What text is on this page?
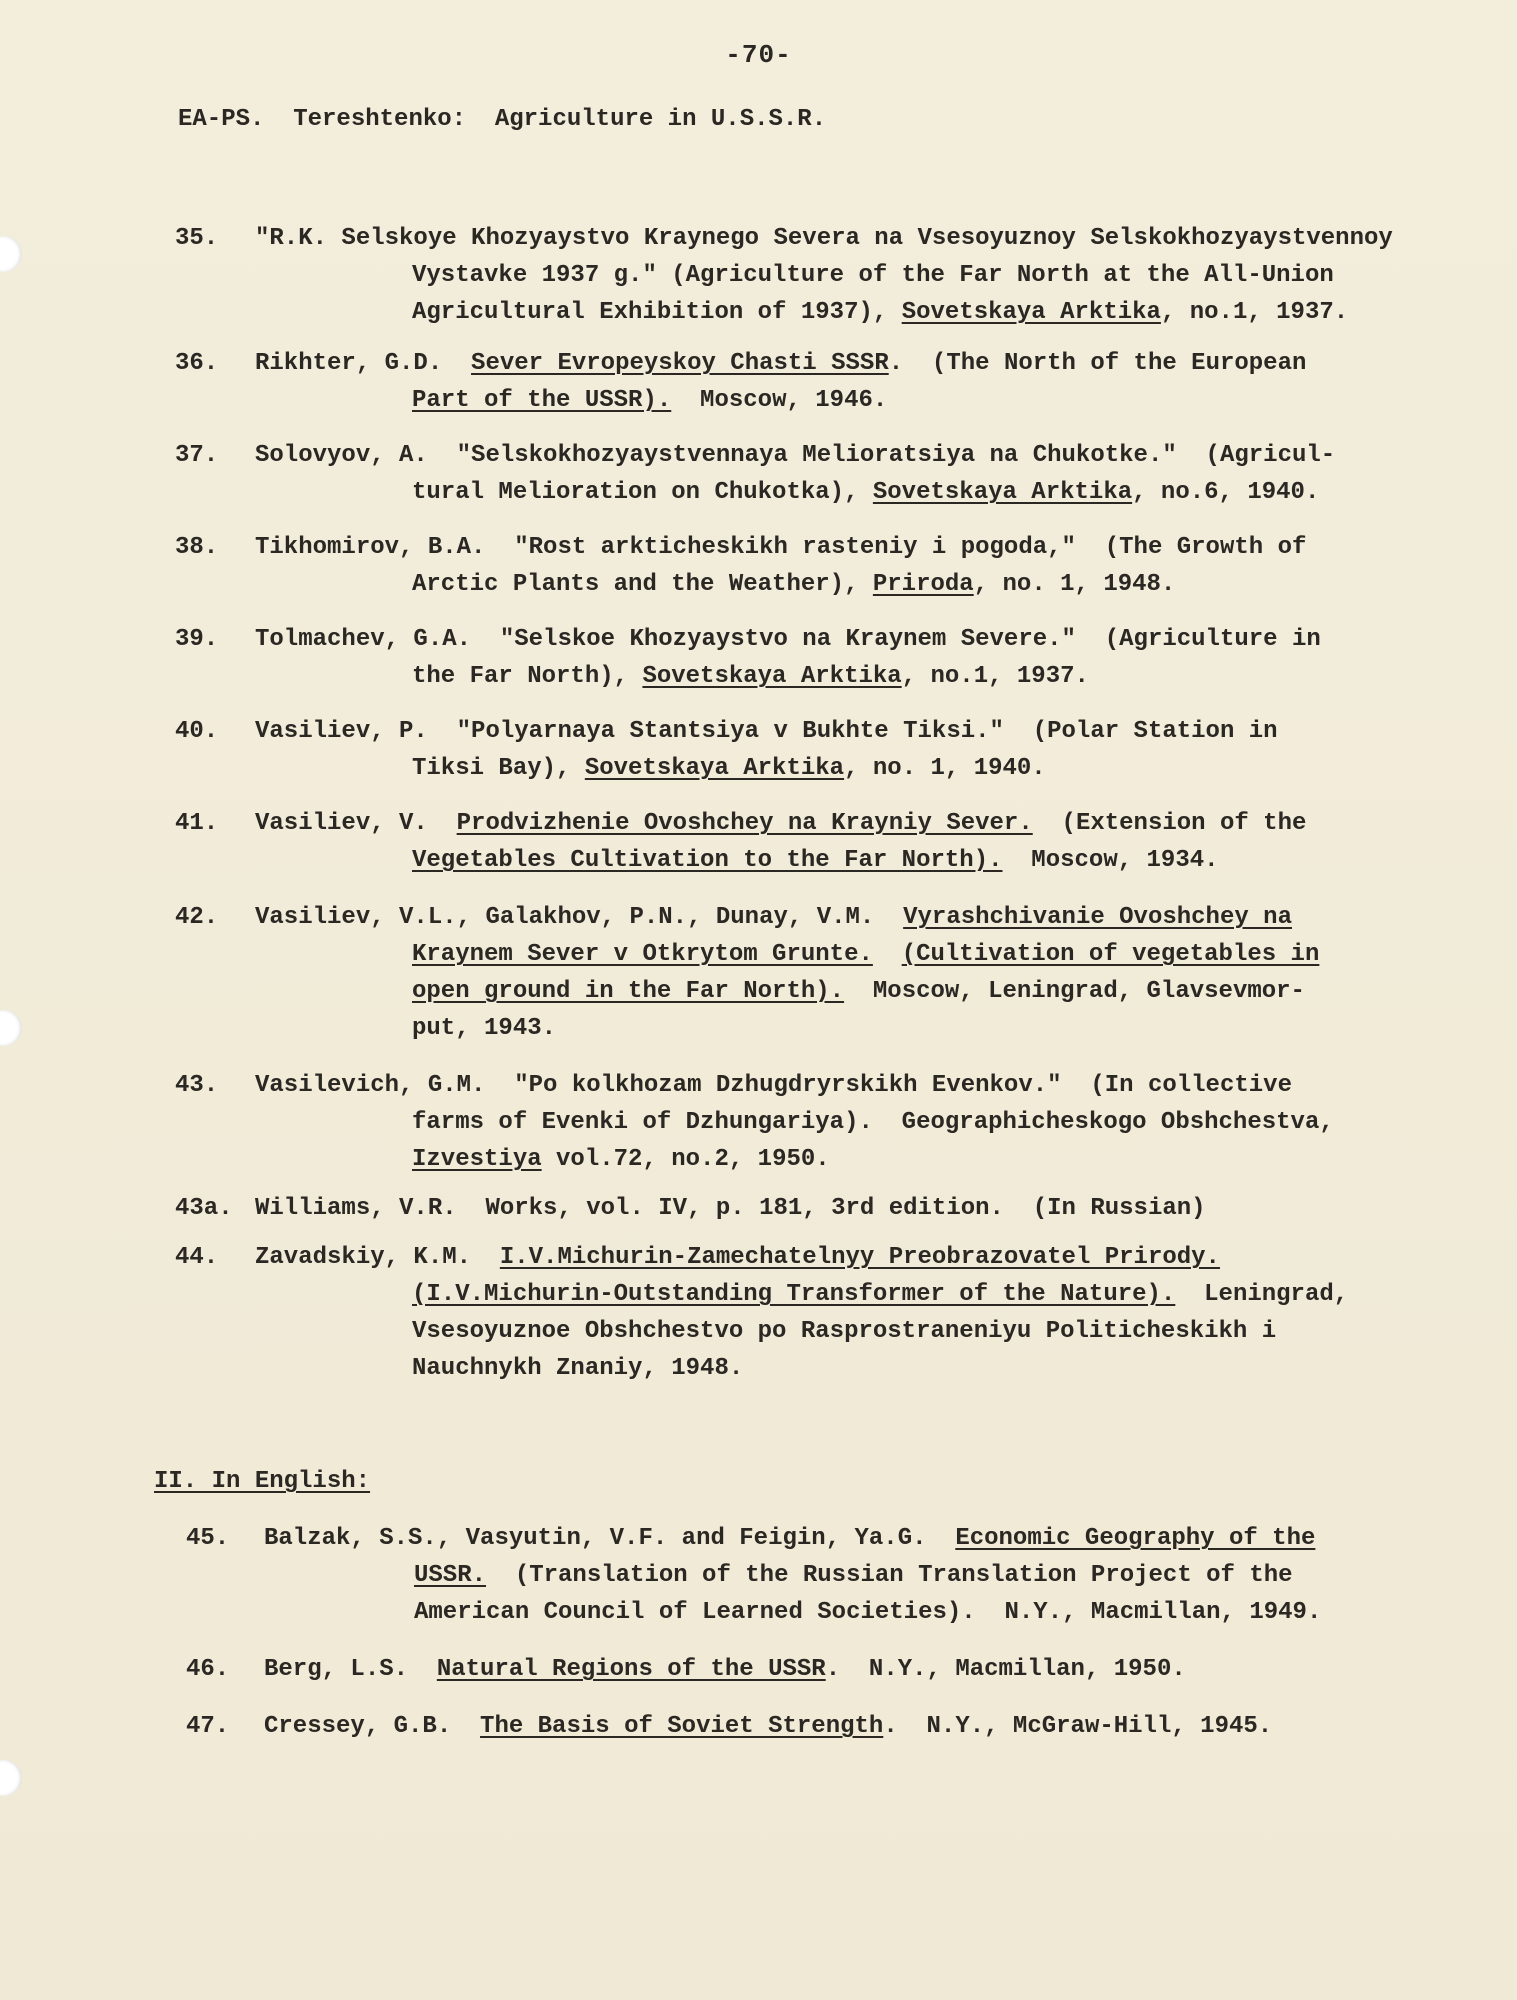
-70-
EA-PS.  Tereshtenko:  Agriculture in U.S.S.R.
35.	"R.K. Selskoye Khozyaystvo Kraynego Severa na Vsesoyuznoy Selskokhozyaystvennoy
Vystavke 1937 g." (Agriculture of the Far North at the All-Union
Agricultural Exhibition of 1937), Sovetskaya Arktika, no.1, 1937.
36.	Rikhter, G.D.  Sever Evropeyskoy Chasti SSSR.  (The North of the European
Part of the USSR).  Moscow, 1946.
37.	Solovyov, A.  "Selskokhozyaystvennaya Melioratsiya na Chukotke."  (Agricul-
tural Melioration on Chukotka), Sovetskaya Arktika, no.6, 1940.
38.	Tikhomirov, B.A.  "Rost arkticheskikh rasteniy i pogoda,"  (The Growth of
Arctic Plants and the Weather), Priroda, no. 1, 1948.
39.	Tolmachev, G.A.  "Selskoe Khozyaystvo na Kraynem Severe."  (Agriculture in
the Far North), Sovetskaya Arktika, no.1, 1937.
40.	Vasiliev, P.  "Polyarnaya Stantsiya v Bukhte Tiksi."  (Polar Station in
Tiksi Bay), Sovetskaya Arktika, no. 1, 1940.
41.	Vasiliev, V.  Prodvizhenie Ovoshchey na Krayniy Sever.  (Extension of the
Vegetables Cultivation to the Far North).  Moscow, 1934.
42.	Vasiliev, V.L., Galakhov, P.N., Dunay, V.M.  Vyrashchivanie Ovoshchey na
Kraynem Sever v Otkrytom Grunte. (Cultivation of vegetables in
open ground in the Far North).  Moscow, Leningrad, Glavsevmor-
put, 1943.
43.	Vasilevich, G.M.  "Po kolkhozam Dzhugdryrskikh Evenkov."  (In collective
farms of Evenki of Dzhungariya).  Geographicheskogo Obshchestva,
Izvestiya vol.72, no.2, 1950.
43a. Williams, V.R.  Works, vol. IV, p. 181, 3rd edition.  (In Russian)
44.	Zavadskiy, K.M.  I.V.Michurin-Zamechatelnyy Preobrazovatel Prirody.
(I.V.Michurin-Outstanding Transformer of the Nature).  Leningrad,
Vsesoyuznoe Obshchestvo po Rasprostraneniyu Politicheskikh i
Nauchnykh Znaniy, 1948.
II. In English:
45.	Balzak, S.S., Vasyutin, V.F. and Feigin, Ya.G.  Economic Geography of the
USSR.  (Translation of the Russian Translation Project of the
American Council of Learned Societies).  N.Y., Macmillan, 1949.
46.	Berg, L.S.  Natural Regions of the USSR.  N.Y., Macmillan, 1950.
47.	Cressey, G.B.  The Basis of Soviet Strength.  N.Y., McGraw-Hill, 1945.
